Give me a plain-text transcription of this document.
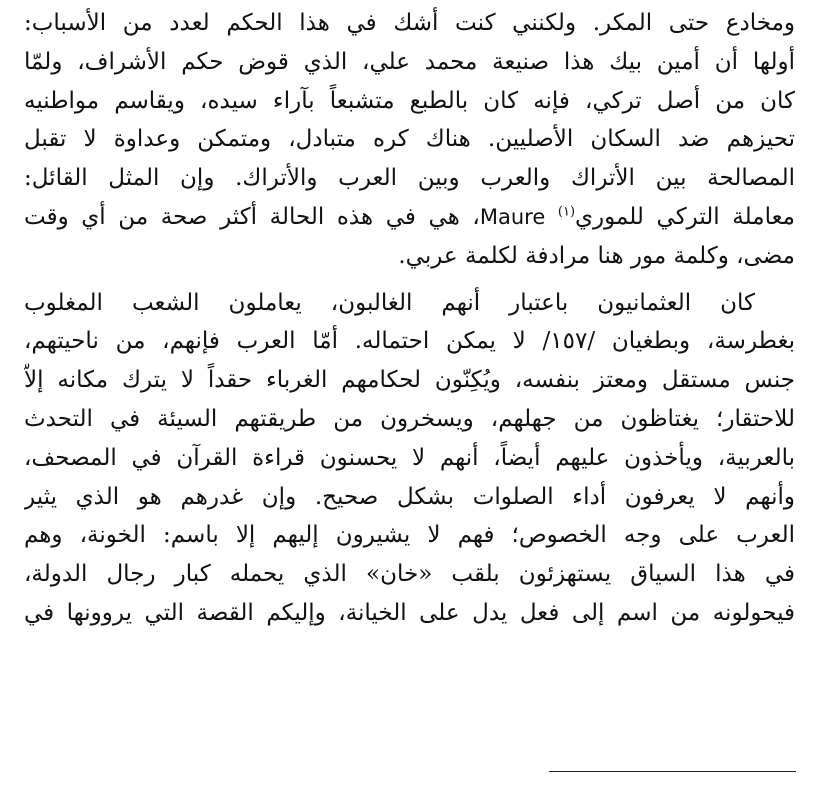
ومخادع حتى المكر. ولكنني كنت أشك في هذا الحكم لعدد من الأسباب:
أولها أن أمين بيك هذا صنيعة محمد علي، الذي قوض حكم الأشراف، ولمّا
كان من أصل تركي، فإنه كان بالطبع متشبعاً بآراء سيده، ويقاسم مواطنيه
تحيزهم ضد السكان الأصليين. هناك كره متبادل، ومتمكن وعداوة لا تقبل
المصالحة بين الأتراك والعرب وبين العرب والأتراك. وإن المثل القائل:
معاملة التركي للموري$^{(١)}$ Maure، هي في هذه الحالة أكثر صحة من أي وقت
مضى، وكلمة مور هنا مرادفة لكلمة عربي.
كان العثمانيون باعتبار أنهم الغالبون، يعاملون الشعب المغلوب
بغطرسة، وبطغيان /١٥٧/ لا يمكن احتماله. أمّا العرب فإنهم، من ناحيتهم،
جنس مستقل ومعتز بنفسه، ويُكِنّون لحكامهم الغرباء حقداً لا يترك مكانه إلاّ
للاحتقار؛ يغتاظون من جهلهم، ويسخرون من طريقتهم السيئة في التحدث
بالعربية، ويأخذون عليهم أيضاً، أنهم لا يحسنون قراءة القرآن في المصحف،
وأنهم لا يعرفون أداء الصلوات بشكل صحيح. وإن غدرهم هو الذي يثير
العرب على وجه الخصوص؛ فهم لا يشيرون إليهم إلا باسم: الخونة، وهم
في هذا السياق يستهزئون بلقب «خان» الذي يحمله كبار رجال الدولة،
فيحولونه من اسم إلى فعل يدل على الخيانة، وإليكم القصة التي يروونها في
